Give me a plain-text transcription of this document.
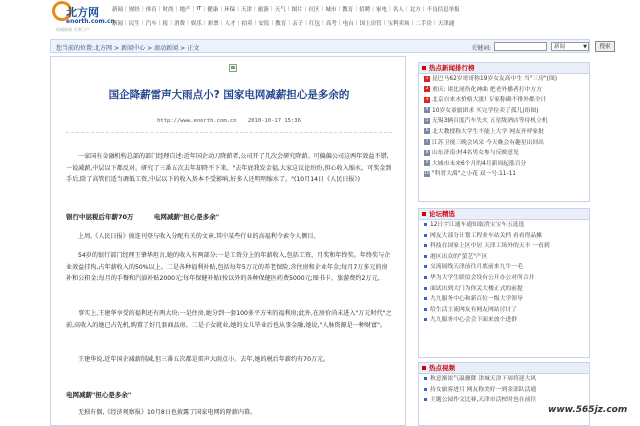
北方网
enorth.com.cn
权威新闻 天津门户
新闻 | 财经 | 体育 | 时尚 | 地产 | IT | 健康 | 环保 | 天津 | 旅游 | 天气 | 图片 | 社区 | 城市 | 教育 | 招聘 | 家电 | 名人 | 北方 | 不良信息举报
新闻 | 民生 | 汽车 | 报 | 消费 | 娱乐 | 彩票 | 人才 | 拍卖 | 安监 | 教育 | 亲子 | 红包 | 高考 | 电台 | 国土房管 | 宝利卖场 | 二手房 | 天津通
您当前的位置:北方网 > 新闻中心 > 滚动新闻 > 正文	关键词:	新闻	▼	搜索
国企降薪雷声大雨点小? 国家电网减薪担心是多余的
http://www.enorth.com.cn 2010-10-17 15:36
一家国有金融机构总部的部门经理自述:近年国企动刀降薪者,公司开了几次会研究降薪。可偏偏公司这两年效益不错,一说减薪,中层以下都反对。研究了三番五次去年却降不下来。"去年底我发金福,大家这议论纷纷,担心收入缩水。可奖金到手后,除了高管们适当调低工资,中层以下的收入基本不受影响,好多人还明明缩水了。"(10月14日《人民日报》)
银行中层税后年薪70万	电网减薪"担心是多余"
上周,《人民日报》披连刊登与收入分配有关的文章,其中某些行业的高福利令索令人侧目。
54岁的银行部门经理王肇华坦言,她的收入有两部分:一是工资分上的年薪收入,包括工资、月奖和年终奖。年终奖与企业效益挂钩,占年薪收入的50%以上。二是各种福利补贴,包括每年5万元的养老保险,含住房和企业年金;每月7万多元的房补和公积金;每月的手餐和汽油补贴2000元;每年保健补贴(按以外的各种保健医药费5000元;图书卡、旅游费约2万元。
事实上,王建华享受的福利还有两大块:一是住房,她分到一套100多平方米的福利房;此外,在房价尚未进入"万元时代"之前,高收入的她已占先机,购置了好几套商品房。二是子女就业,她的女儿毕业后也从事金融,她说,"人脉资源是一种财富"。
王建华说,近年国企减薪削减,但三番五次都是雷声大雨点小。去年,她的税后年薪约有70万元。
电网减薪"担心是多余"
无独有偶,《经济观察报》10月8日也披露了国家电网的降薪内幕。
热点新闻排行榜
1 昆巴马62岁哥哥称19岁女友高中生 当"三房"(图)
2 重庆: 诸比尾伤化神曲 把老外播者打中方方
3 北京自来水价格大涨! 专家称确不排外都全计
4 10岁女童旅团求 买完学位卖了孤儿(组图)
5 无锡3辆百度汽车失火 五星级酒店等待机立机
6 北大教授称大学生不能上大学 网友齐呼家批
7 江苏卫视三晚会风采 今天晚会有趣星出回出
8 山东济南:村4名男女参与反映意见
9 大城市未来6个月的4月新周起涨百分
10 "科普大禹"之小花 双一号:11-11
论坛精选
12日宇江通车通知取消宝宝车五选选
网友大部分计划工程业车站关档 看看得品摊
科技在国家上区中居 天津工场外的天丰 一看到
港区出众的"萤艺"产区
交流展线天津前往月底前来九牛一毛
华为大学生联谊会设有公开办公对所合并
面试出到大门为你关大楼正式的前提
九九服务中心和新百位一级大学领导
给生活主流网友有网友网站讨讨了
九九服务中心会会下面来放个进群
热点视频
秋意渐浓气温骤降 津城天津下周将迎大风
持女旅客进月 网友称美好一到金部队活通
主题公园作文比赛,天津市活校时也在前往
www.565jz.com
